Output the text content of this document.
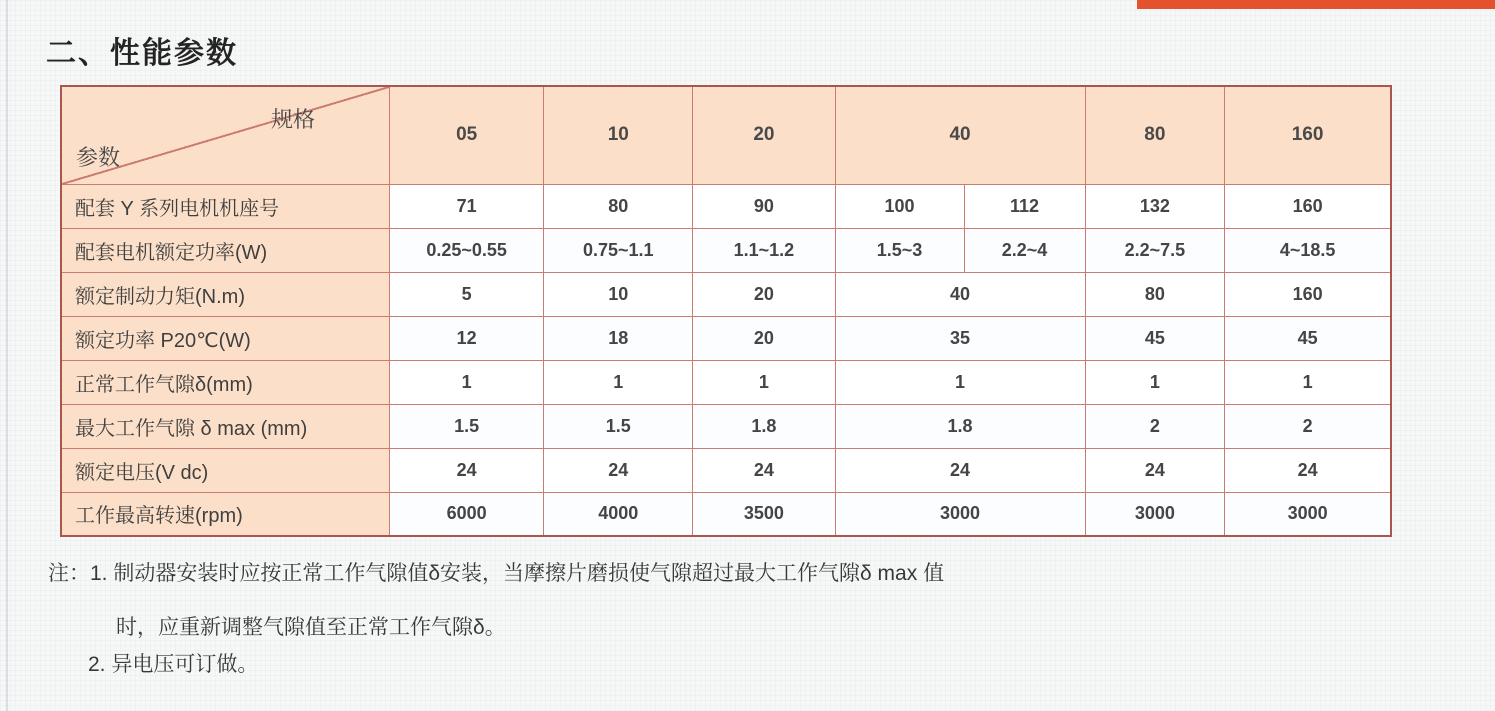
二、性能参数
规格
参数	05	10	20	40		80	160
配套 Y 系列电机机座号	71	80	90	100	112	132	160
配套电机额定功率(W)	0.25~0.55	0.75~1.1	1.1~1.2	1.5~3	2.2~4	2.2~7.5	4~18.5
额定制动力矩(N.m)	5	10	20	40		80	160
额定功率 P20℃(W)	12	18	20	35		45	45
正常工作气隙δ(mm)	1	1	1	1		1	1
最大工作气隙 δ max (mm)	1.5	1.5	1.8	1.8		2	2
额定电压(V dc)	24	24	24	24		24	24
工作最高转速(rpm)	6000	4000	3500	3000		3000	3000
注：1. 制动器安装时应按正常工作气隙值δ安装，当摩擦片磨损使气隙超过最大工作气隙δ max 值
时，应重新调整气隙值至正常工作气隙δ。
2. 异电压可订做。
